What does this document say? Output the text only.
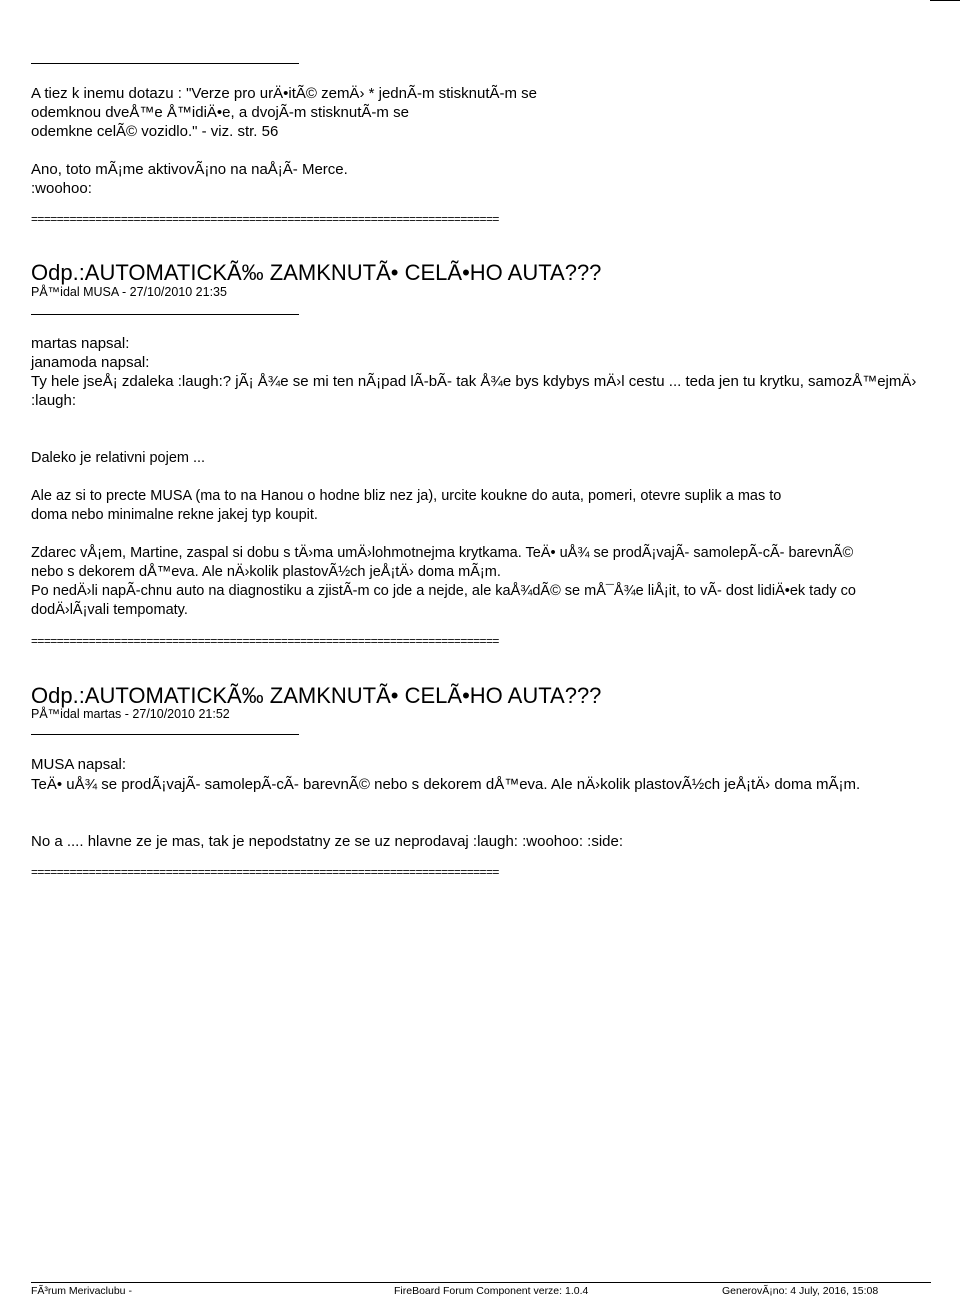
A tiez k inemu dotazu : "Verze pro urÄ•itÃ© zemÄ› * jednÃ-m stisknutÃ-m se
odemknou dveÅ™e Å™idiÄ•e, a dvojÃ-m stisknutÃ-m se
odemkne celÃ© vozidlo." - viz. str. 56
Ano, toto mÃ¡me aktivovÃ¡no na naÅ¡Ã- Merce.
:woohoo:
=========================================================================
Odp.:AUTOMATICKÃ‰ ZAMKNUTÃ• CELÃ•HO AUTA???
PÅ™idal MUSA - 27/10/2010 21:35
martas napsal:
janamoda napsal:
Ty hele jseÅ¡ zdaleka :laugh:? jÃ¡ Å¾e se mi ten nÃ¡pad lÃ-bÃ- tak Å¾e bys kdybys mÄ›l cestu ... teda jen tu krytku, samozÅ™ejmÄ›
:laugh:
Daleko je relativni pojem ...
Ale az si to precte MUSA (ma to na Hanou o hodne bliz nez ja), urcite koukne do auta, pomeri, otevre suplik a mas to
doma nebo minimalne rekne jakej typ koupit.
Zdarec vÅ¡em, Martine, zaspal si dobu s tÄ›ma umÄ›lohmotnejma krytkama. TeÄ• uÅ¾ se prodÃ¡vajÃ- samolepÃ-cÃ- barevnÃ©
nebo s dekorem dÅ™eva. Ale nÄ›kolik plastovÃ½ch jeÅ¡tÄ› doma mÃ¡m.
Po nedÄ›li napÃ-chnu auto na diagnostiku a zjistÃ-m co jde a nejde, ale kaÅ¾dÃ© se mÅ¯Å¾e liÅ¡it, to vÃ- dost lidiÄ•ek tady co
dodÄ›lÃ¡vali tempomaty.
=========================================================================
Odp.:AUTOMATICKÃ‰ ZAMKNUTÃ• CELÃ•HO AUTA???
PÅ™idal martas - 27/10/2010 21:52
MUSA napsal:
TeÄ• uÅ¾ se prodÃ¡vajÃ- samolepÃ-cÃ- barevnÃ© nebo s dekorem dÅ™eva. Ale nÄ›kolik plastovÃ½ch jeÅ¡tÄ› doma mÃ¡m.
No a .... hlavne ze je mas, tak je nepodstatny ze se uz neprodavaj :laugh: :woohoo: :side:
=========================================================================
FÃ³rum Merivaclubu -	FireBoard Forum Component verze: 1.0.4	GenerovÃ¡no: 4 July, 2016, 15:08
